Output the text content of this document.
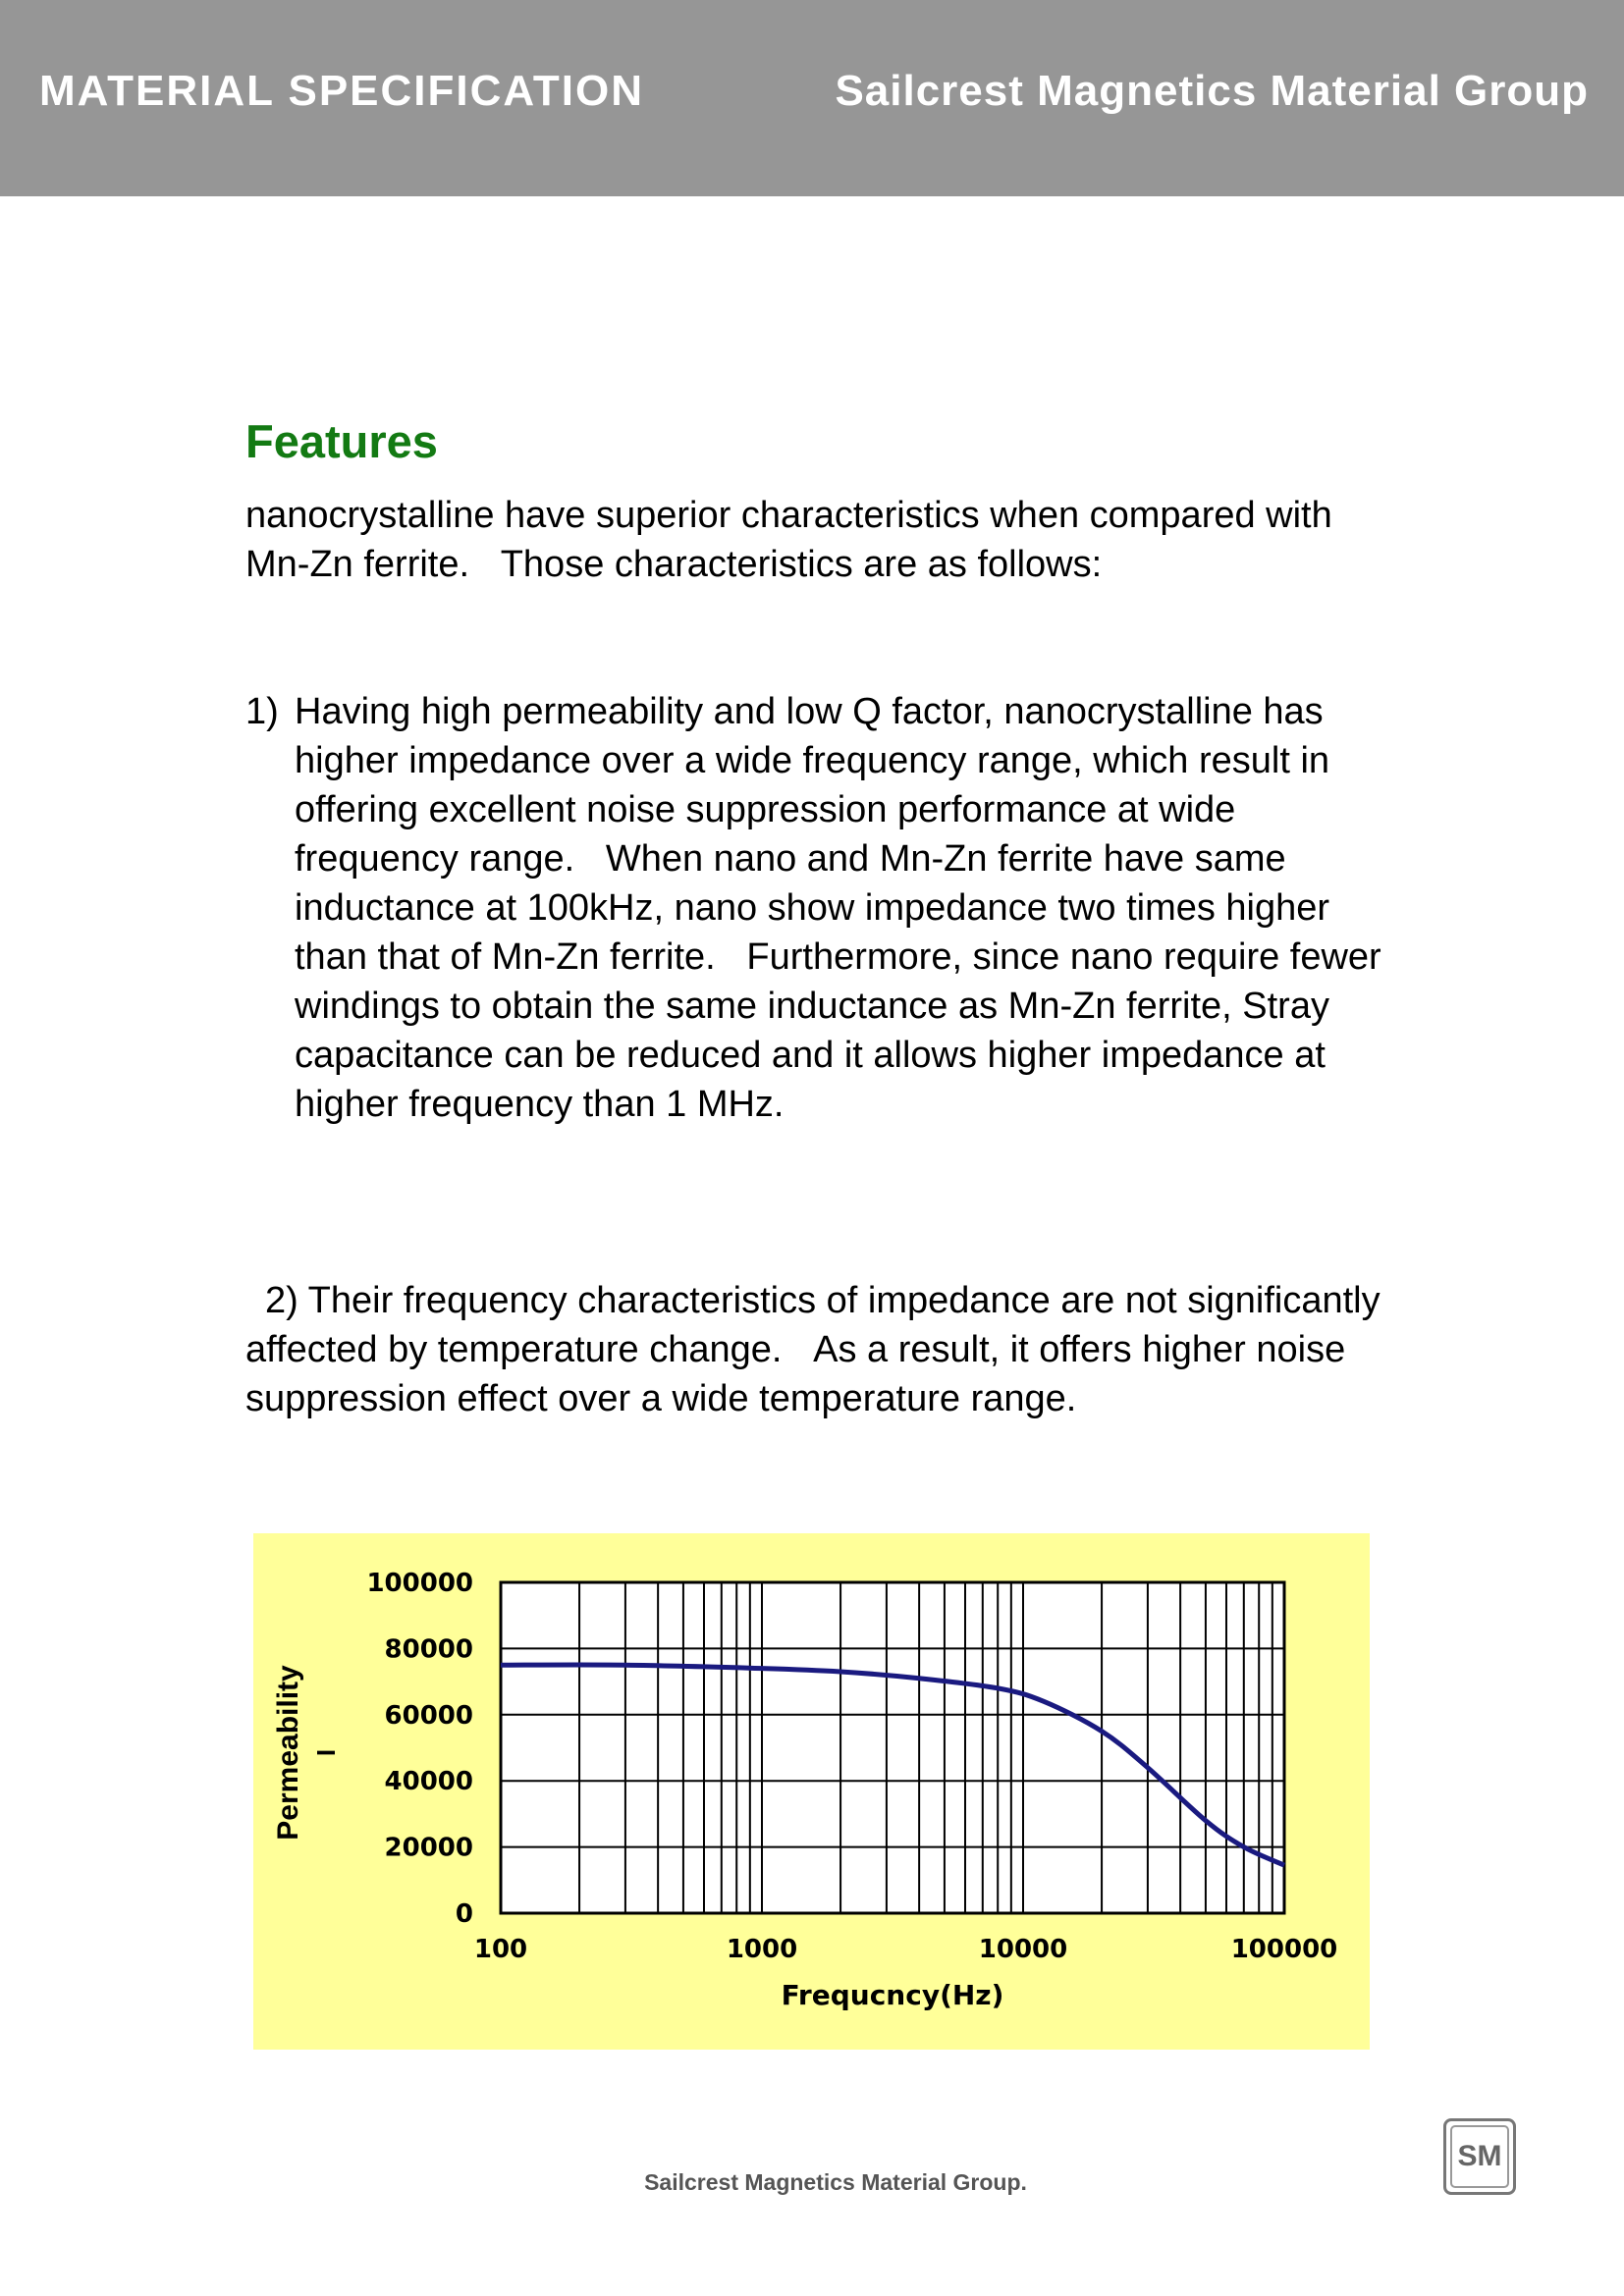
MATERIAL SPECIFICATION	Sailcrest Magnetics Material Group
Features
nanocrystalline have superior characteristics when compared with Mn-Zn ferrite.   Those characteristics are as follows:
1) Having high permeability and low Q factor, nanocrystalline has higher impedance over a wide frequency range, which result in offering excellent noise suppression performance at wide frequency range.   When nano and Mn-Zn ferrite have same inductance at 100kHz, nano show impedance two times higher than that of Mn-Zn ferrite.   Furthermore, since nano require fewer windings to obtain the same inductance as Mn-Zn ferrite, Stray capacitance can be reduced and it allows higher impedance at higher frequency than 1 MHz.
2) Their frequency characteristics of impedance are not significantly affected by temperature change.   As a result, it offers higher noise suppression effect over a wide temperature range.
0
20000
40000
60000
80000
100000
100	1000	10000	100000
Frequcncy(Hz)
Permeability I
Sailcrest Magnetics Material Group.
SM
